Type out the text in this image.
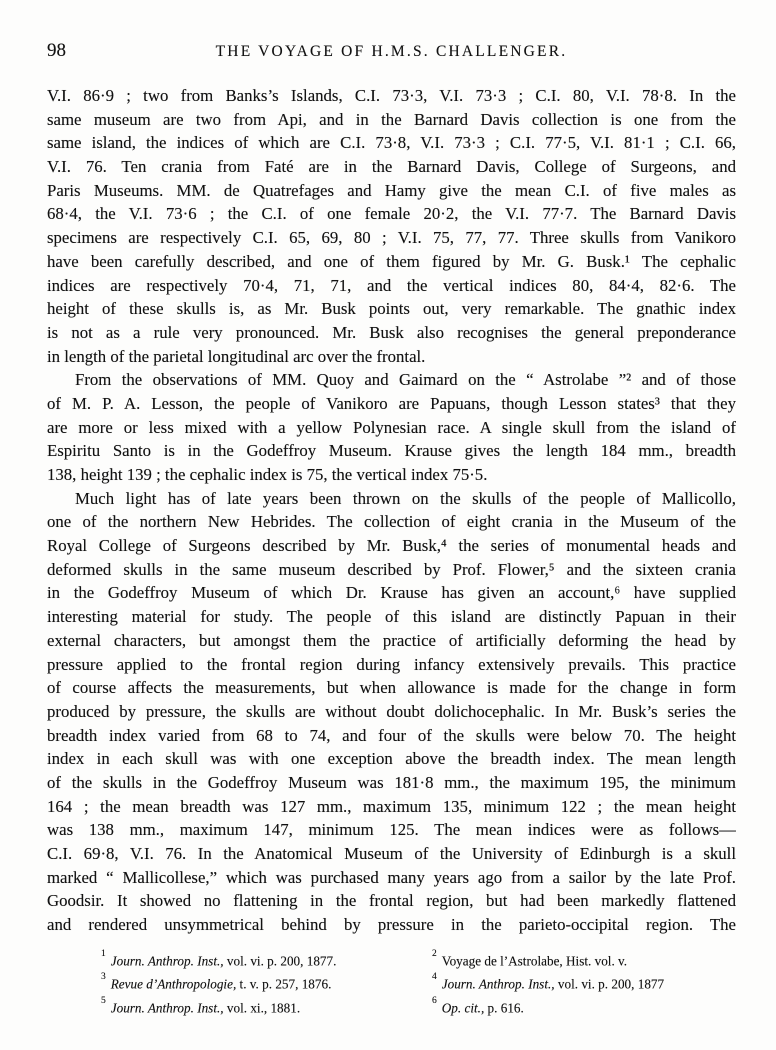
98	THE VOYAGE OF H.M.S. CHALLENGER.
V.I. 86·9 ; two from Banks’s Islands, C.I. 73·3, V.I. 73·3 ; C.I. 80, V.I. 78·8. In the
same museum are two from Api, and in the Barnard Davis collection is one from the
same island, the indices of which are C.I. 73·8, V.I. 73·3 ; C.I. 77·5, V.I. 81·1 ; C.I. 66,
V.I. 76. Ten crania from Faté are in the Barnard Davis, College of Surgeons, and
Paris Museums. MM. de Quatrefages and Hamy give the mean C.I. of five males as
68·4, the V.I. 73·6 ; the C.I. of one female 20·2, the V.I. 77·7. The Barnard Davis
specimens are respectively C.I. 65, 69, 80 ; V.I. 75, 77, 77. Three skulls from Vanikoro
have been carefully described, and one of them figured by Mr. G. Busk.¹ The cephalic
indices are respectively 70·4, 71, 71, and the vertical indices 80, 84·4, 82·6. The
height of these skulls is, as Mr. Busk points out, very remarkable. The gnathic index
is not as a rule very pronounced. Mr. Busk also recognises the general preponderance
in length of the parietal longitudinal arc over the frontal.
From the observations of MM. Quoy and Gaimard on the “ Astrolabe ”² and of those
of M. P. A. Lesson, the people of Vanikoro are Papuans, though Lesson states³ that they
are more or less mixed with a yellow Polynesian race. A single skull from the island of
Espiritu Santo is in the Godeffroy Museum. Krause gives the length 184 mm., breadth
138, height 139 ; the cephalic index is 75, the vertical index 75·5.
Much light has of late years been thrown on the skulls of the people of Mallicollo,
one of the northern New Hebrides. The collection of eight crania in the Museum of the
Royal College of Surgeons described by Mr. Busk,⁴ the series of monumental heads and
deformed skulls in the same museum described by Prof. Flower,⁵ and the sixteen crania
in the Godeffroy Museum of which Dr. Krause has given an account,⁶ have supplied
interesting material for study. The people of this island are distinctly Papuan in their
external characters, but amongst them the practice of artificially deforming the head by
pressure applied to the frontal region during infancy extensively prevails. This practice
of course affects the measurements, but when allowance is made for the change in form
produced by pressure, the skulls are without doubt dolichocephalic. In Mr. Busk’s series the
breadth index varied from 68 to 74, and four of the skulls were below 70. The height
index in each skull was with one exception above the breadth index. The mean length
of the skulls in the Godeffroy Museum was 181·8 mm., the maximum 195, the minimum
164 ; the mean breadth was 127 mm., maximum 135, minimum 122 ; the mean height
was 138 mm., maximum 147, minimum 125. The mean indices were as follows—
C.I. 69·8, V.I. 76. In the Anatomical Museum of the University of Edinburgh is a skull
marked “ Mallicollese,” which was purchased many years ago from a sailor by the late Prof.
Goodsir. It showed no flattening in the frontal region, but had been markedly flattened
and rendered unsymmetrical behind by pressure in the parieto-occipital region. The
$^1$ Journ. Anthrop. Inst., vol. vi. p. 200, 1877.
$^3$ Revue d’Anthropologie, t. v. p. 257, 1876.
$^5$ Journ. Anthrop. Inst., vol. xi., 1881.
$^2$ Voyage de l’Astrolabe, Hist. vol. v.
$^4$ Journ. Anthrop. Inst., vol. vi. p. 200, 1877
$^6$ Op. cit., p. 616.
